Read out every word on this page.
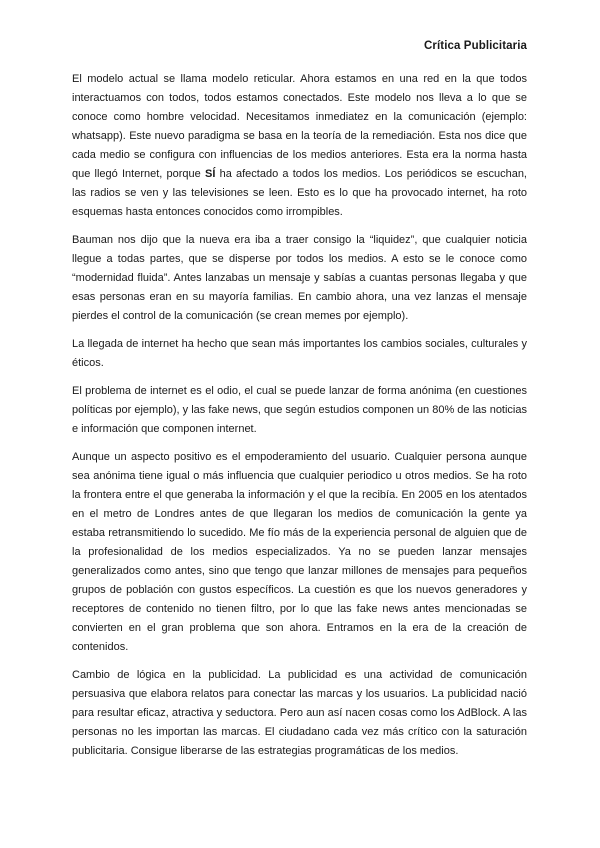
Crítica Publicitaria

El modelo actual se llama modelo reticular. Ahora estamos en una red en la que todos interactuamos con todos, todos estamos conectados. Este modelo nos lleva a lo que se conoce como hombre velocidad. Necesitamos inmediatez en la comunicación (ejemplo: whatsapp). Este nuevo paradigma se basa en la teoría de la remediación. Esta nos dice que cada medio se configura con influencias de los medios anteriores. Esta era la norma hasta que llegó Internet, porque SÍ ha afectado a todos los medios. Los periódicos se escuchan, las radios se ven y las televisiones se leen. Esto es lo que ha provocado internet, ha roto esquemas hasta entonces conocidos como irrompibles.

Bauman nos dijo que la nueva era iba a traer consigo la “liquidez”, que cualquier noticia llegue a todas partes, que se disperse por todos los medios. A esto se le conoce como “modernidad fluida”. Antes lanzabas un mensaje y sabías a cuantas personas llegaba y que esas personas eran en su mayoría familias. En cambio ahora, una vez lanzas el mensaje pierdes el control de la comunicación (se crean memes por ejemplo).

La llegada de internet ha hecho que sean más importantes los cambios sociales, culturales y éticos.

El problema de internet es el odio, el cual se puede lanzar de forma anónima (en cuestiones políticas por ejemplo), y las fake news, que según estudios componen un 80% de las noticias e información que componen internet.

Aunque un aspecto positivo es el empoderamiento del usuario. Cualquier persona aunque sea anónima tiene igual o más influencia que cualquier periodico u otros medios. Se ha roto la frontera entre el que generaba la información y el que la recibía. En 2005 en los atentados en el metro de Londres antes de que llegaran los medios de comunicación la gente ya estaba retransmitiendo lo sucedido. Me fío más de la experiencia personal de alguien que de la profesionalidad de los medios especializados. Ya no se pueden lanzar mensajes generalizados como antes, sino que tengo que lanzar millones de mensajes para pequeños grupos de población con gustos específicos. La cuestión es que los nuevos generadores y receptores de contenido no tienen filtro, por lo que las fake news antes mencionadas se convierten en el gran problema que son ahora. Entramos en la era de la creación de contenidos.

Cambio de lógica en la publicidad. La publicidad es una actividad de comunicación persuasiva que elabora relatos para conectar las marcas y los usuarios. La publicidad nació para resultar eficaz, atractiva y seductora. Pero aun así nacen cosas como los AdBlock. A las personas no les importan las marcas. El ciudadano cada vez más crítico con la saturación publicitaria. Consigue liberarse de las estrategias programáticas de los medios.
